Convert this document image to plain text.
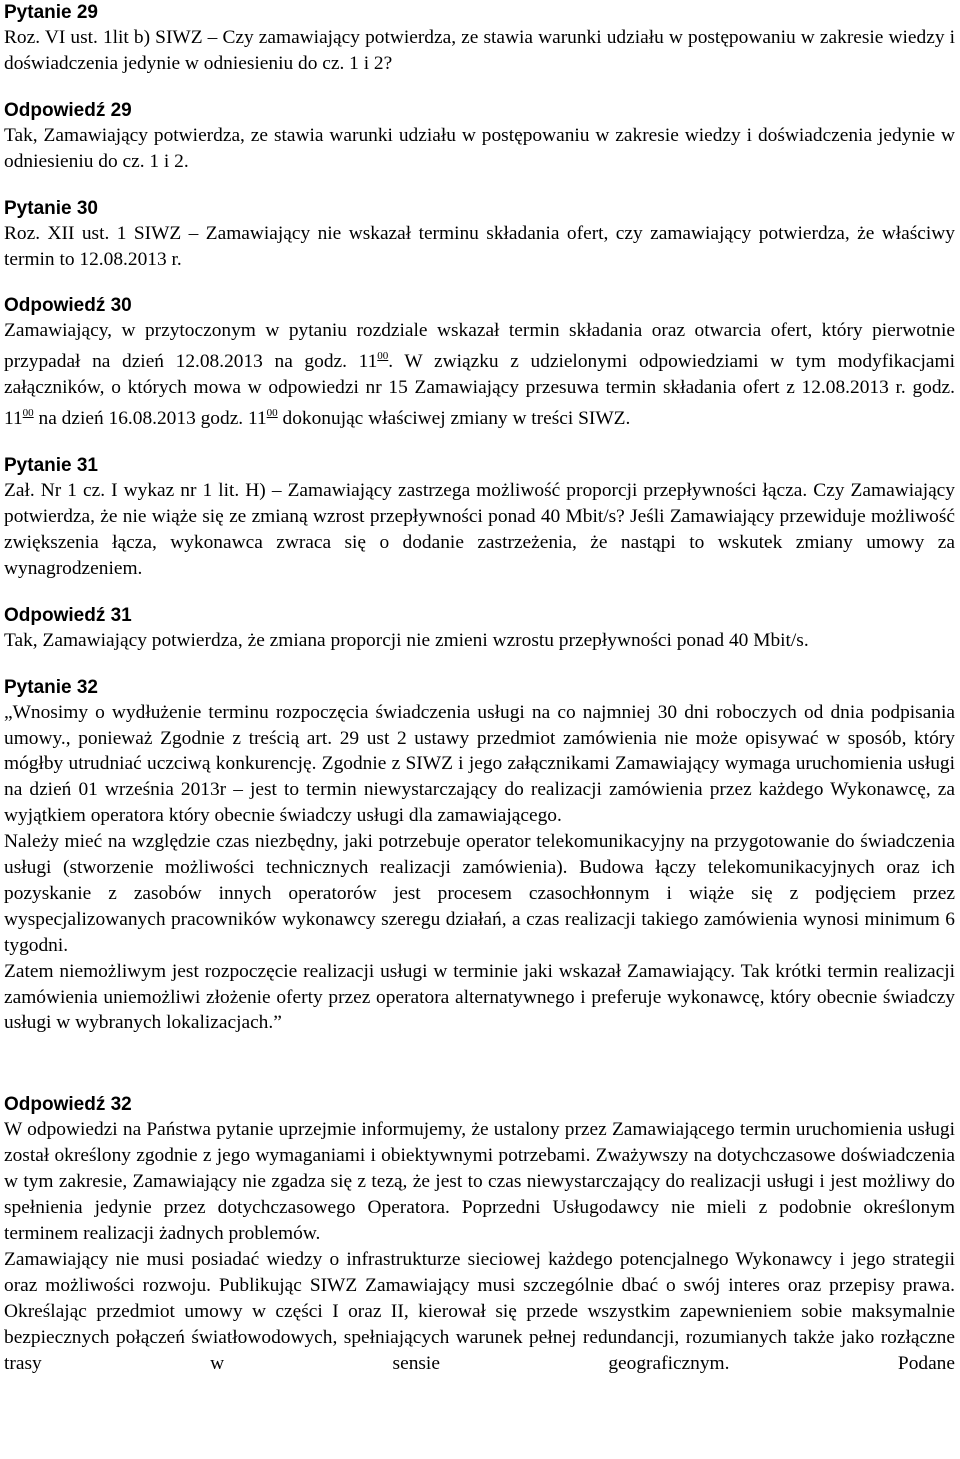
Pytanie 29

Roz. VI ust. 1lit b) SIWZ – Czy zamawiający potwierdza, ze stawia warunki udziału w postępowaniu w zakresie wiedzy i doświadczenia jedynie w odniesieniu do cz. 1 i 2?

Odpowiedź 29

Tak, Zamawiający potwierdza, ze stawia warunki udziału w postępowaniu w zakresie wiedzy i doświadczenia jedynie w odniesieniu do cz. 1 i 2.

Pytanie 30

Roz. XII ust. 1 SIWZ – Zamawiający nie wskazał terminu składania ofert, czy zamawiający potwierdza, że właściwy termin to 12.08.2013 r.

Odpowiedź 30

Zamawiający, w przytoczonym w pytaniu rozdziale wskazał termin składania oraz otwarcia ofert, który pierwotnie przypadał na dzień 12.08.2013 na godz. $11^{00}$. W związku z udzielonymi odpowiedziami w tym modyfikacjami załączników, o których mowa w odpowiedzi nr 15 Zamawiający przesuwa termin składania ofert z 12.08.2013 r. godz. $11^{00}$ na dzień 16.08.2013 godz. $11^{00}$ dokonując właściwej zmiany w treści SIWZ.

Pytanie 31

Zał. Nr 1 cz. I wykaz nr 1 lit. H) – Zamawiający zastrzega możliwość proporcji przepływności łącza. Czy Zamawiający potwierdza, że nie wiąże się ze zmianą wzrost przepływności ponad 40 Mbit/s? Jeśli Zamawiający przewiduje możliwość zwiększenia łącza, wykonawca zwraca się o dodanie zastrzeżenia, że nastąpi to wskutek zmiany umowy za wynagrodzeniem.

Odpowiedź 31

Tak, Zamawiający potwierdza, że zmiana proporcji nie zmieni wzrostu przepływności ponad 40 Mbit/s.

Pytanie 32

„Wnosimy o wydłużenie terminu rozpoczęcia świadczenia usługi na co najmniej 30 dni roboczych od dnia podpisania umowy., ponieważ Zgodnie z treścią art. 29 ust 2 ustawy przedmiot zamówienia nie może opisywać w sposób, który mógłby utrudniać uczciwą konkurencję. Zgodnie z SIWZ i jego załącznikami Zamawiający wymaga uruchomienia usługi na dzień 01 września 2013r – jest to termin niewystarczający do realizacji zamówienia przez każdego Wykonawcę, za wyjątkiem operatora który obecnie świadczy usługi dla zamawiającego.

Należy mieć na względzie czas niezbędny, jaki potrzebuje operator telekomunikacyjny na przygotowanie do świadczenia usługi (stworzenie możliwości technicznych realizacji zamówienia). Budowa łączy telekomunikacyjnych oraz ich pozyskanie z zasobów innych operatorów jest procesem czasochłonnym i wiąże się z podjęciem przez wyspecjalizowanych pracowników wykonawcy szeregu działań, a czas realizacji takiego zamówienia wynosi minimum 6 tygodni.

Zatem niemożliwym jest rozpoczęcie realizacji usługi w terminie jaki wskazał Zamawiający. Tak krótki termin realizacji zamówienia uniemożliwi złożenie oferty przez operatora alternatywnego i preferuje wykonawcę, który obecnie świadczy usługi w wybranych lokalizacjach.”

Odpowiedź 32

W odpowiedzi na Państwa pytanie uprzejmie informujemy, że ustalony przez Zamawiającego termin uruchomienia usługi został określony zgodnie z jego wymaganiami i obiektywnymi potrzebami. Zważywszy na dotychczasowe doświadczenia w tym zakresie, Zamawiający nie zgadza się z tezą, że jest to czas niewystarczający do realizacji usługi i jest możliwy do spełnienia jedynie przez dotychczasowego Operatora. Poprzedni Usługodawcy nie mieli z podobnie określonym terminem realizacji żadnych problemów.

Zamawiający nie musi posiadać wiedzy o infrastrukturze sieciowej każdego potencjalnego Wykonawcy i jego strategii oraz możliwości rozwoju. Publikując SIWZ Zamawiający musi szczególnie dbać o swój interes oraz przepisy prawa. Określając przedmiot umowy w części I oraz II, kierował się przede wszystkim zapewnieniem sobie maksymalnie bezpiecznych połączeń światłowodowych, spełniających warunek pełnej redundancji, rozumianych także jako rozłączne trasy w sensie geograficznym. Podane
